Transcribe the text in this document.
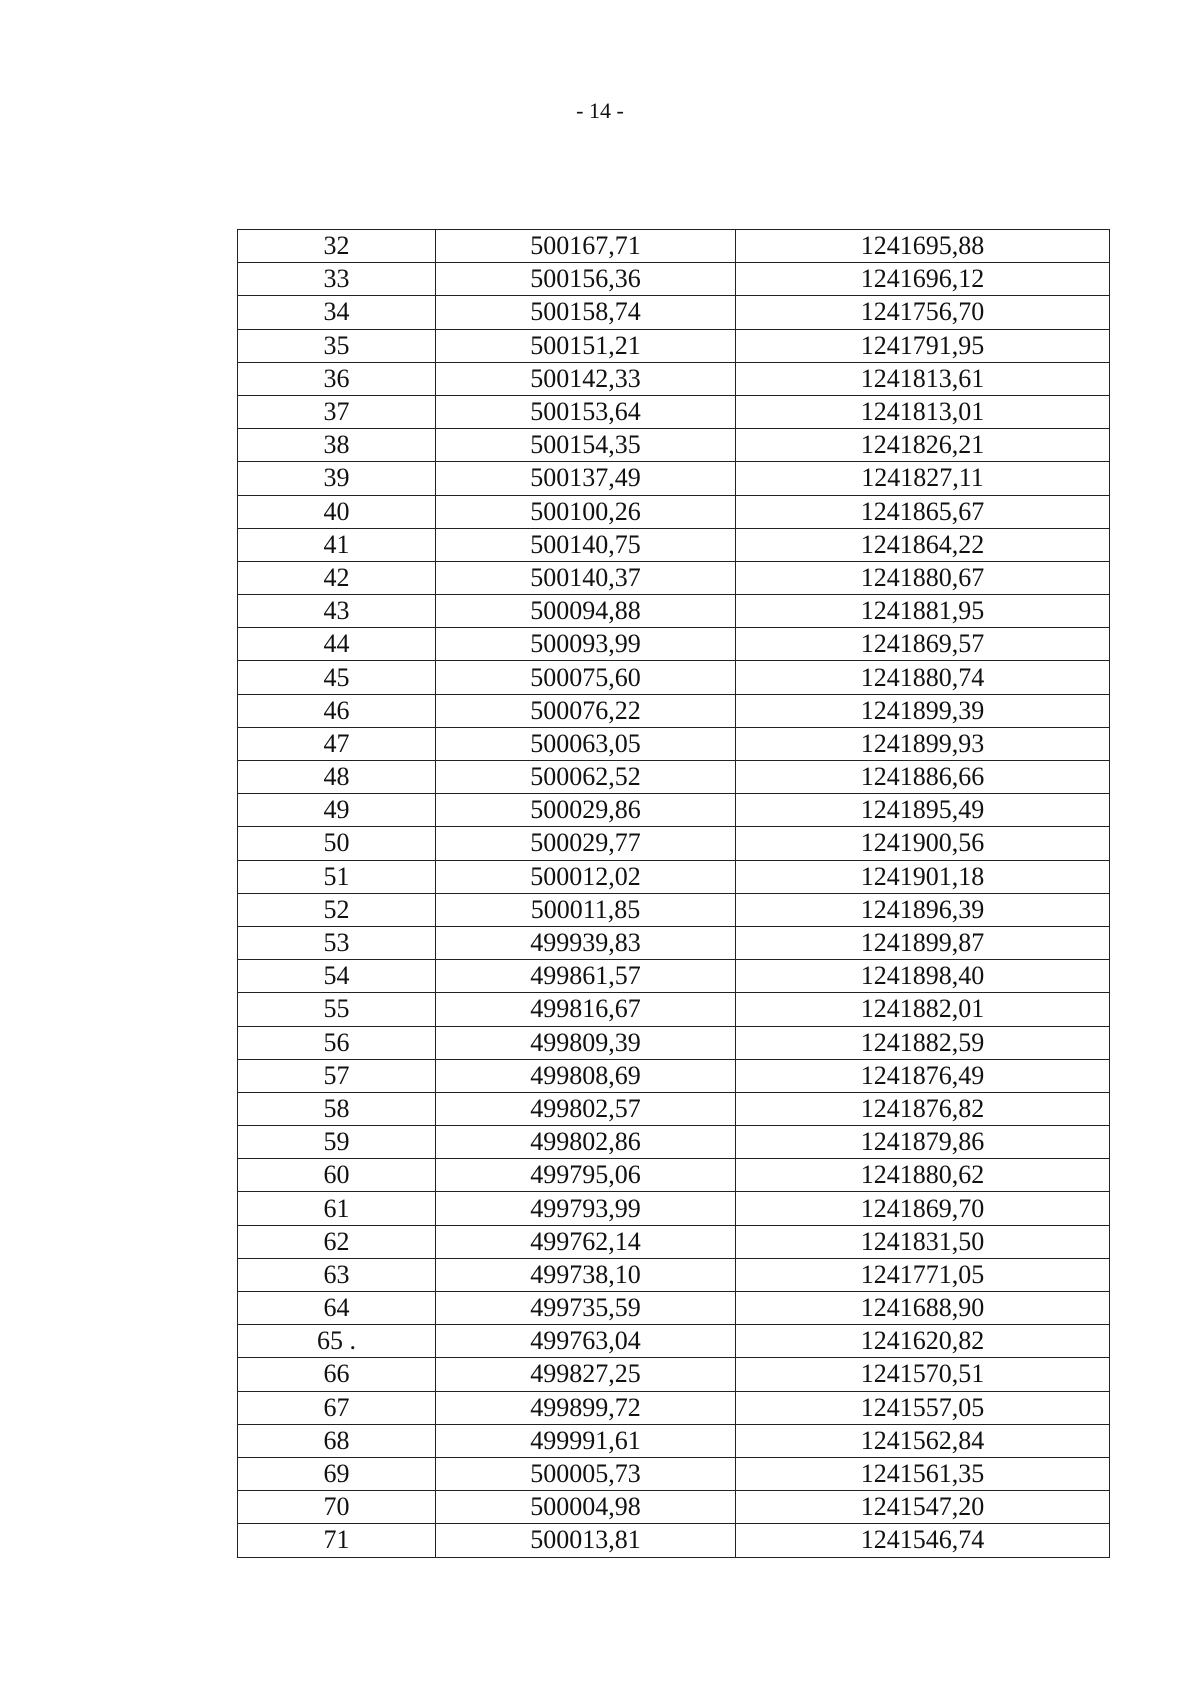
- 14 -
32	500167,71	1241695,88
33	500156,36	1241696,12
34	500158,74	1241756,70
35	500151,21	1241791,95
36	500142,33	1241813,61
37	500153,64	1241813,01
38	500154,35	1241826,21
39	500137,49	1241827,11
40	500100,26	1241865,67
41	500140,75	1241864,22
42	500140,37	1241880,67
43	500094,88	1241881,95
44	500093,99	1241869,57
45	500075,60	1241880,74
46	500076,22	1241899,39
47	500063,05	1241899,93
48	500062,52	1241886,66
49	500029,86	1241895,49
50	500029,77	1241900,56
51	500012,02	1241901,18
52	500011,85	1241896,39
53	499939,83	1241899,87
54	499861,57	1241898,40
55	499816,67	1241882,01
56	499809,39	1241882,59
57	499808,69	1241876,49
58	499802,57	1241876,82
59	499802,86	1241879,86
60	499795,06	1241880,62
61	499793,99	1241869,70
62	499762,14	1241831,50
63	499738,10	1241771,05
64	499735,59	1241688,90
65 .	499763,04	1241620,82
66	499827,25	1241570,51
67	499899,72	1241557,05
68	499991,61	1241562,84
69	500005,73	1241561,35
70	500004,98	1241547,20
71	500013,81	1241546,74
